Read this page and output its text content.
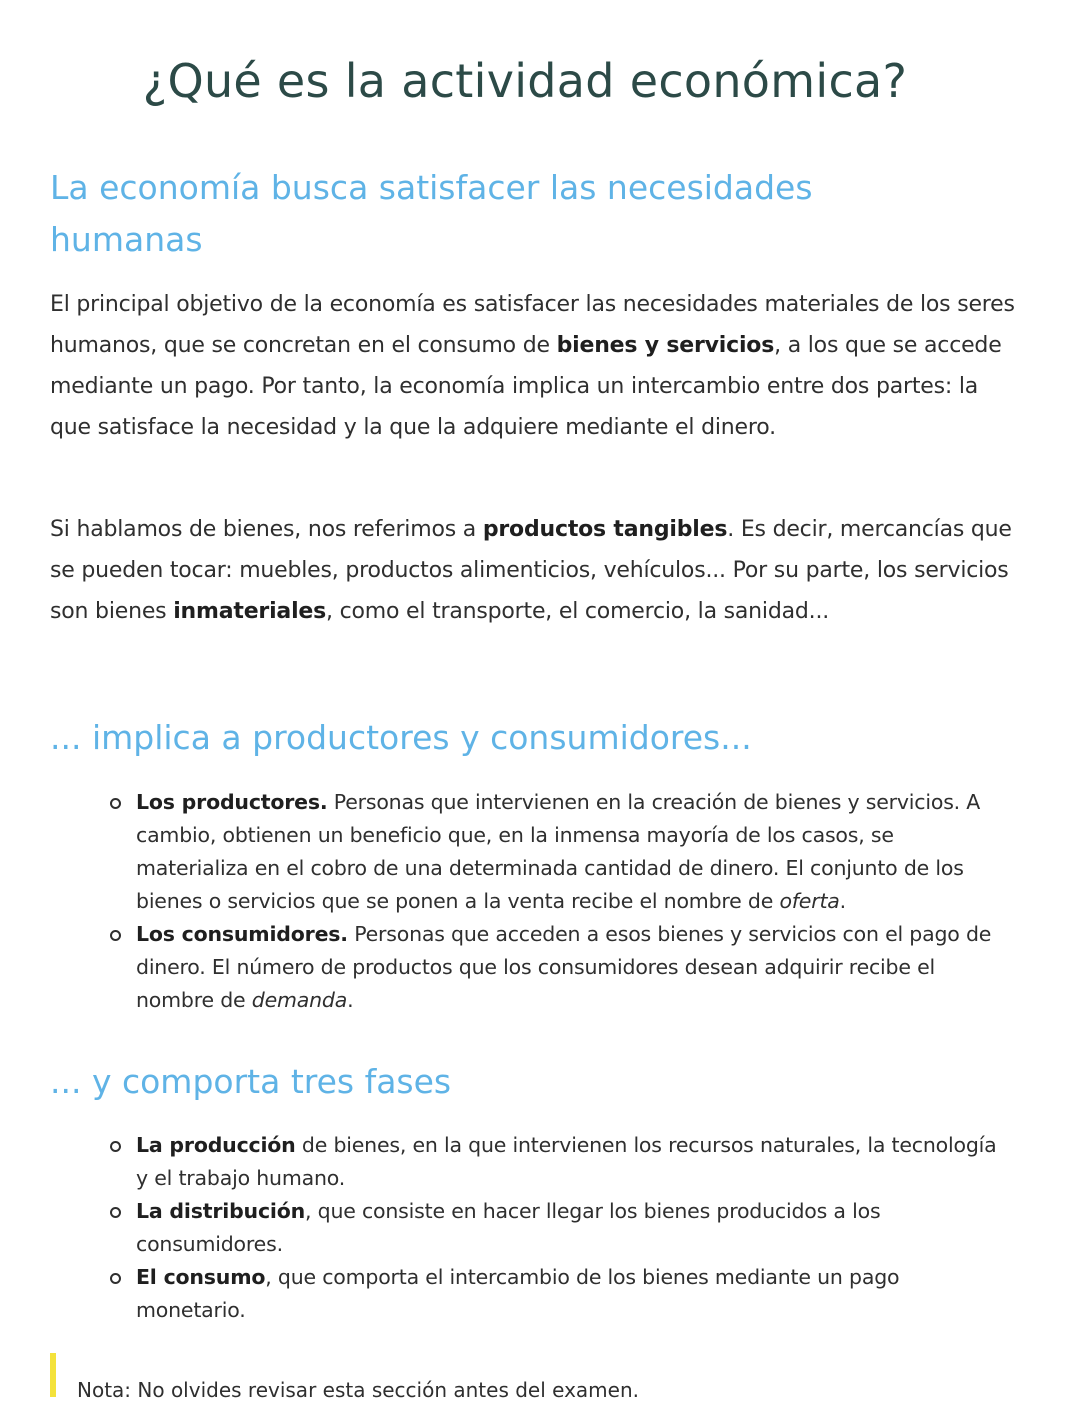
¿Qué es la actividad económica?
La economía busca satisfacer las necesidades humanas

El principal objetivo de la economía es satisfacer las necesidades materiales de los seres humanos, que se concretan en el consumo de bienes y servicios, a los que se accede mediante un pago. Por tanto, la economía implica un intercambio entre dos partes: la que satisface la necesidad y la que la adquiere mediante el dinero.

Si hablamos de bienes, nos referimos a productos tangibles. Es decir, mercancías que se pueden tocar: muebles, productos alimenticios, vehículos... Por su parte, los servicios son bienes inmateriales, como el transporte, el comercio, la sanidad...

... implica a productores y consumidores...
Los productores. Personas que intervienen en la creación de bienes y servicios. A cambio, obtienen un beneficio que, en la inmensa mayoría de los casos, se materializa en el cobro de una determinada cantidad de dinero. El conjunto de los bienes o servicios que se ponen a la venta recibe el nombre de oferta.
Los consumidores. Personas que acceden a esos bienes y servicios con el pago de dinero. El número de productos que los consumidores desean adquirir recibe el nombre de demanda.
... y comporta tres fases
La producción de bienes, en la que intervienen los recursos naturales, la tecnología y el trabajo humano.
La distribución, que consiste en hacer llegar los bienes producidos a los consumidores.
El consumo, que comporta el intercambio de los bienes mediante un pago monetario.
Nota: No olvides revisar esta sección antes del examen.
